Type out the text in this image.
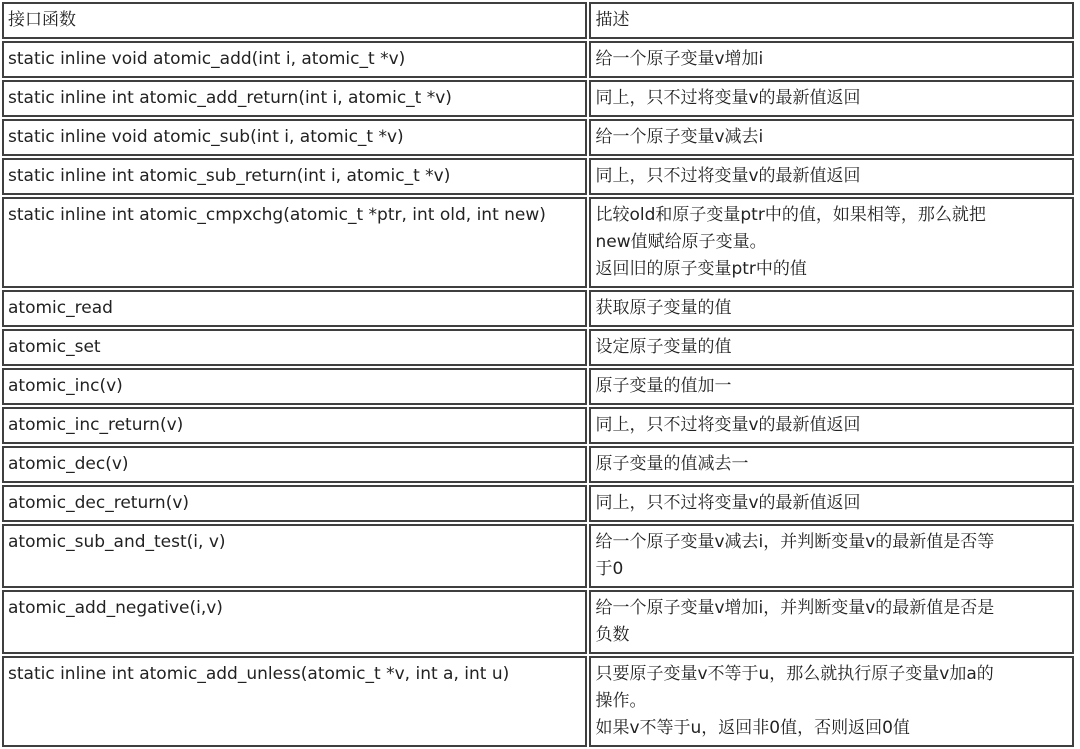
接口函数	描述
static inline void atomic_add(int i, atomic_t *v)	给一个原子变量v增加i

static inline int atomic_add_return(int i, atomic_t *v)	同上，只不过将变量v的最新值返回

static inline void atomic_sub(int i, atomic_t *v)	给一个原子变量v减去i

static inline int atomic_sub_return(int i, atomic_t *v)	同上，只不过将变量v的最新值返回

static inline int atomic_cmpxchg(atomic_t *ptr, int old, int new)	比较old和原子变量ptr中的值，如果相等，那么就把
new值赋给原子变量。
返回旧的原子变量ptr中的值

atomic_read	获取原子变量的值

atomic_set	设定原子变量的值

atomic_inc(v)	原子变量的值加一

atomic_inc_return(v)	同上，只不过将变量v的最新值返回

atomic_dec(v)	原子变量的值减去一

atomic_dec_return(v)	同上，只不过将变量v的最新值返回

atomic_sub_and_test(i, v)	给一个原子变量v减去i，并判断变量v的最新值是否等
于0

atomic_add_negative(i,v)	给一个原子变量v增加i，并判断变量v的最新值是否是
负数

static inline int atomic_add_unless(atomic_t *v, int a, int u)	只要原子变量v不等于u，那么就执行原子变量v加a的
操作。
如果v不等于u，返回非0值，否则返回0值
